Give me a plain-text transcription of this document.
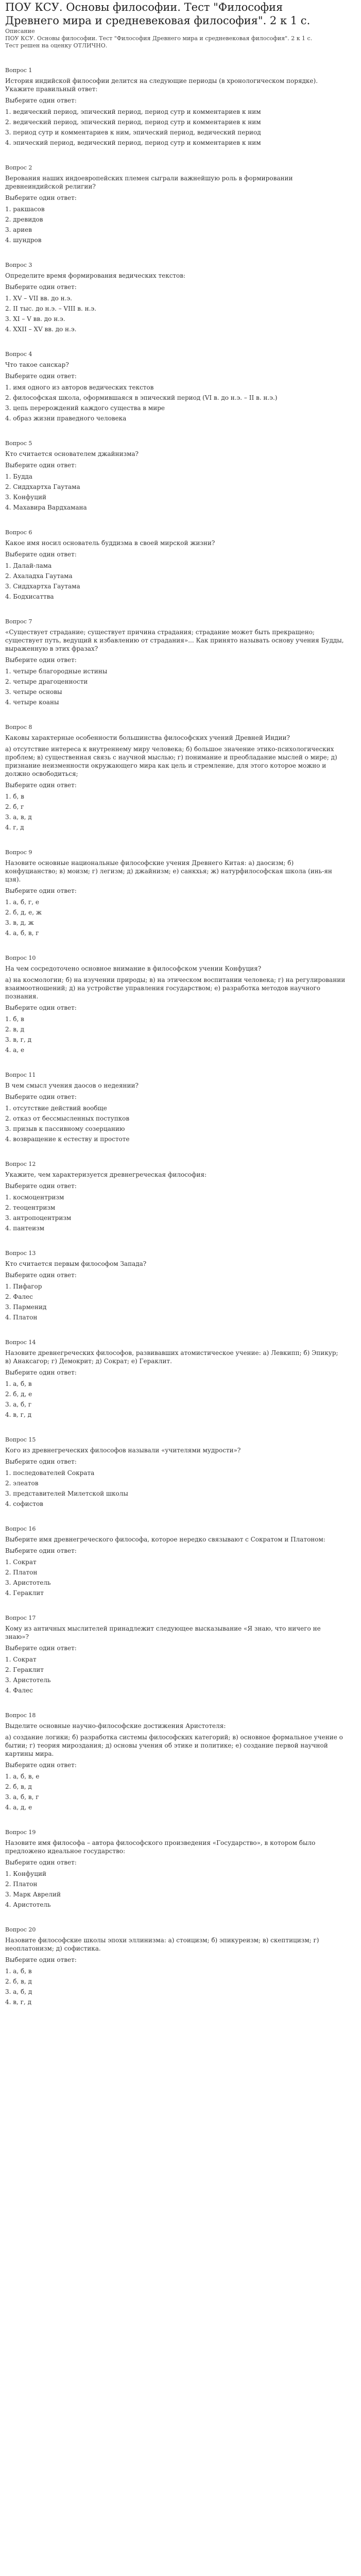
ПОУ КСУ. Основы философии. Тест "Философия
Древнего мира и средневековая философия". 2 к 1 с.

Описание

ПОУ КСУ. Основы философии. Тест "Философия Древнего мира и средневековая философия". 2 к 1 с.

Тест решен на оценку ОТЛИЧНО.

Вопрос 1
История индийской философии делится на следующие периоды (в хронологическом порядке). Укажите правильный ответ:
Выберите один ответ:
1. ведический период, эпический период, период сутр и комментариев к ним
2. ведический период, эпический период, период сутр и комментариев к ним
3. период сутр и комментариев к ним, эпический период, ведический период
4. эпический период, ведический период, период сутр и комментариев к ним
Вопрос 2
Верования наших индоевропейских племен сыграли важнейшую роль в формировании древнеиндийской религии?
Выберите один ответ:
1. ракшасов
2. древидов
3. ариев
4. шундров
Вопрос 3
Определите время формирования ведических текстов:
Выберите один ответ:
1. XV – VII вв. до н.э.
2. II тыс. до н.э. – VIII в. н.э.
3. XI – V вв. до н.э.
4. XXII – XV вв. до н.э.
Вопрос 4
Что такое санскар?
Выберите один ответ:
1. имя одного из авторов ведических текстов
2. философская школа, оформившаяся в эпический период (VI в. до н.э. – II в. н.э.)
3. цепь перерождений каждого существа в мире
4. образ жизни праведного человека
Вопрос 5
Кто считается основателем джайнизма?
Выберите один ответ:
1. Будда
2. Сиддхартха Гаутама
3. Конфуций
4. Махавира Вардхамана
Вопрос 6
Какое имя носил основатель буддизма в своей мирской жизни?
Выберите один ответ:
1. Далай-лама
2. Ахаладха Гаутама
3. Сиддхартха Гаутама
4. Бодхисаттва
Вопрос 7
«Существует страдание; существует причина страдания; страдание может быть прекращено; существует путь, ведущий к избавлению от страдания»... Как принято называть основу учения Будды, выраженную в этих фразах?
Выберите один ответ:
1. четыре благородные истины
2. четыре драгоценности
3. четыре основы
4. четыре коаны
Вопрос 8
Каковы характерные особенности большинства философских учений Древней Индии?
а) отсутствие интереса к внутреннему миру человека; б) большое значение этико-психологических проблем; в) существенная связь с научной мыслью; г) понимание и преобладание мыслей о мире; д) признание неизменности окружающего мира как цель и стремление, для этого которое можно и должно освободиться;
Выберите один ответ:
1. б, в
2. б, г
3. а, в, д
4. г, д
Вопрос 9
Назовите основные национальные философские учения Древнего Китая: а) даосизм; б) конфуцианство; в) моизм; г) легизм; д) джайнизм; е) санкхья; ж) натурфилософская школа (инь-ян цзя).
Выберите один ответ:
1. а, б, г, е
2. б, д, е, ж
3. в, д, ж
4. а, б, в, г
Вопрос 10
На чем сосредоточено основное внимание в философском учении Конфуция?
а) на космологии; б) на изучении природы; в) на этическом воспитании человека; г) на регулировании взаимоотношений; д) на устройстве управления государством; е) разработка методов научного познания.
Выберите один ответ:
1. б, в
2. в, д
3. в, г, д
4. а, е
Вопрос 11
В чем смысл учения даосов о недеянии?
Выберите один ответ:
1. отсутствие действий вообще
2. отказ от бессмысленных поступков
3. призыв к пассивному созерцанию
4. возвращение к естеству и простоте
Вопрос 12
Укажите, чем характеризуется древнегреческая философия:
Выберите один ответ:
1. космоцентризм
2. теоцентризм
3. антропоцентризм
4. пантеизм
Вопрос 13
Кто считается первым философом Запада?
Выберите один ответ:
1. Пифагор
2. Фалес
3. Парменид
4. Платон
Вопрос 14
Назовите древнегреческих философов, развивавших атомистическое учение: а) Левкипп; б) Эпикур; в) Анаксагор; г) Демокрит; д) Сократ; е) Гераклит.
Выберите один ответ:
1. а, б, в
2. б, д, е
3. а, б, г
4. в, г, д
Вопрос 15
Кого из древнегреческих философов называли «учителями мудрости»?
Выберите один ответ:
1. последователей Сократа
2. элеатов
3. представителей Милетской школы
4. софистов
Вопрос 16
Выберите имя древнегреческого философа, которое нередко связывают с Сократом и Платоном:
Выберите один ответ:
1. Сократ
2. Платон
3. Аристотель
4. Гераклит
Вопрос 17
Кому из античных мыслителей принадлежит следующее высказывание «Я знаю, что ничего не знаю»?
Выберите один ответ:
1. Сократ
2. Гераклит
3. Аристотель
4. Фалес
Вопрос 18
Выделите основные научно-философские достижения Аристотеля:
а) создание логики; б) разработка системы философских категорий; в) основное формальное учение о бытии; г) теория мироздания; д) основы учения об этике и политике; е) создание первой научной картины мира.
Выберите один ответ:
1. а, б, в, е
2. б, в, д
3. а, б, в, г
4. а, д, е
Вопрос 19
Назовите имя философа – автора философского произведения «Государство», в котором было предложено идеальное государство:
Выберите один ответ:
1. Конфуций
2. Платон
3. Марк Аврелий
4. Аристотель
Вопрос 20
Назовите философские школы эпохи эллинизма: а) стоицизм; б) эпикуреизм; в) скептицизм; г) неоплатонизм; д) софистика.
Выберите один ответ:
1. а, б, в
2. б, в, д
3. а, б, д
4. в, г, д
